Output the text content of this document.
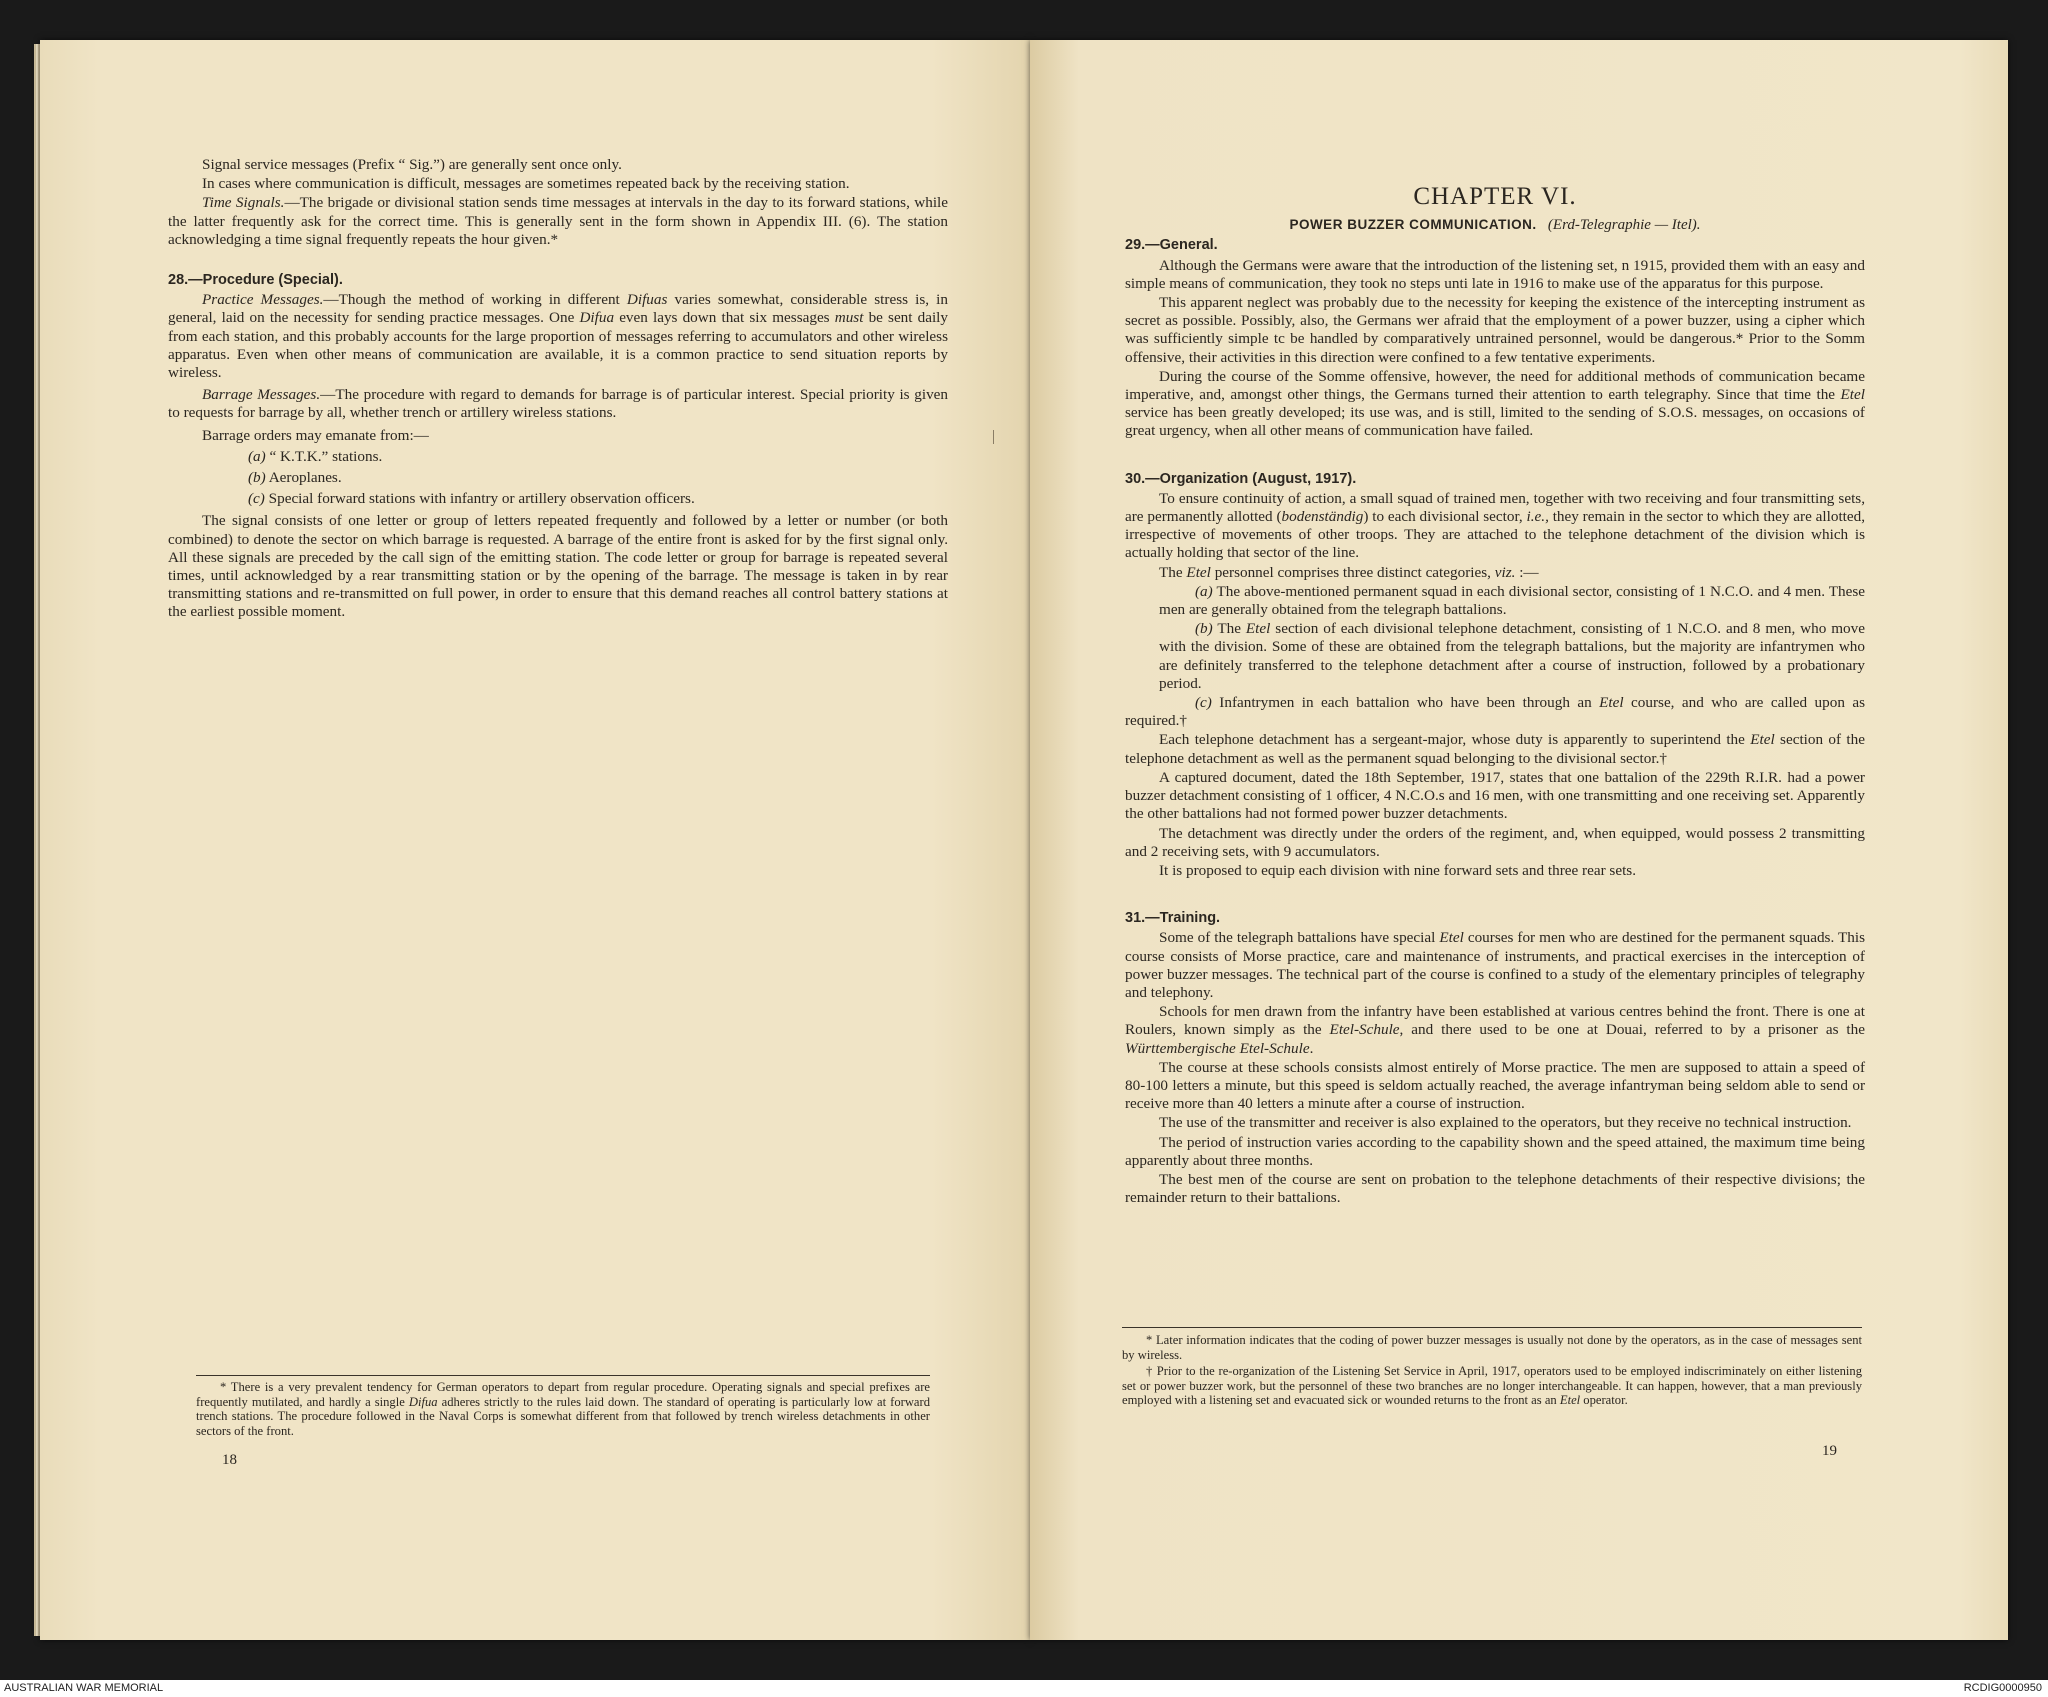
Signal service messages (Prefix “ Sig.”) are generally sent once only.

In cases where communication is difficult, messages are sometimes repeated back by the receiving station.

Time Signals.—The brigade or divisional station sends time messages at intervals in the day to its forward stations, while the latter frequently ask for the correct time. This is generally sent in the form shown in Appendix III. (6). The station acknowledging a time signal frequently repeats the hour given.*

28.—Procedure (Special).

Practice Messages.—Though the method of working in different Difuas varies somewhat, considerable stress is, in general, laid on the necessity for sending practice messages. One Difua even lays down that six messages must be sent daily from each station, and this probably accounts for the large proportion of messages referring to accumulators and other wireless apparatus. Even when other means of communication are available, it is a common practice to send situation reports by wireless.

Barrage Messages.—The procedure with regard to demands for barrage is of particular interest. Special priority is given to requests for barrage by all, whether trench or artillery wireless stations.

Barrage orders may emanate from:—

(a) “ K.T.K.” stations.

(b) Aeroplanes.

(c) Special forward stations with infantry or artillery observation officers.

The signal consists of one letter or group of letters repeated frequently and followed by a letter or number (or both combined) to denote the sector on which barrage is requested. A barrage of the entire front is asked for by the first signal only. All these signals are preceded by the call sign of the emitting station. The code letter or group for barrage is repeated several times, until acknowledged by a rear transmitting station or by the opening of the barrage. The message is taken in by rear transmitting stations and re-transmitted on full power, in order to ensure that this demand reaches all control battery stations at the earliest possible moment.

* There is a very prevalent tendency for German operators to depart from regular procedure. Operating signals and special prefixes are frequently mutilated, and hardly a single Difua adheres strictly to the rules laid down. The standard of operating is particularly low at forward trench stations. The procedure followed in the Naval Corps is somewhat different from that followed by trench wireless detachments in other sectors of the front.

18
CHAPTER VI.
POWER BUZZER COMMUNICATION. (Erd-Telegraphie — Itel).
29.—General.

Although the Germans were aware that the introduction of the listening set, n 1915, provided them with an easy and simple means of communication, they took no steps unti late in 1916 to make use of the apparatus for this purpose.

This apparent neglect was probably due to the necessity for keeping the existence of the intercepting instrument as secret as possible. Possibly, also, the Germans wer afraid that the employment of a power buzzer, using a cipher which was sufficiently simple tc be handled by comparatively untrained personnel, would be dangerous.* Prior to the Somm offensive, their activities in this direction were confined to a few tentative experiments.

During the course of the Somme offensive, however, the need for additional methods of communication became imperative, and, amongst other things, the Germans turned their attention to earth telegraphy. Since that time the Etel service has been greatly developed; its use was, and is still, limited to the sending of S.O.S. messages, on occasions of great urgency, when all other means of communication have failed.

30.—Organization (August, 1917).

To ensure continuity of action, a small squad of trained men, together with two receiving and four transmitting sets, are permanently allotted (bodenständig) to each divisional sector, i.e., they remain in the sector to which they are allotted, irrespective of movements of other troops. They are attached to the telephone detachment of the division which is actually holding that sector of the line.

The Etel personnel comprises three distinct categories, viz. :—

(a) The above-mentioned permanent squad in each divisional sector, consisting of 1 N.C.O. and 4 men. These men are generally obtained from the telegraph battalions.

(b) The Etel section of each divisional telephone detachment, consisting of 1 N.C.O. and 8 men, who move with the division. Some of these are obtained from the telegraph battalions, but the majority are infantrymen who are definitely transferred to the telephone detachment after a course of instruction, followed by a probationary period.

(c) Infantrymen in each battalion who have been through an Etel course, and who are called upon as required.†

Each telephone detachment has a sergeant-major, whose duty is apparently to superintend the Etel section of the telephone detachment as well as the permanent squad belonging to the divisional sector.†

A captured document, dated the 18th September, 1917, states that one battalion of the 229th R.I.R. had a power buzzer detachment consisting of 1 officer, 4 N.C.O.s and 16 men, with one transmitting and one receiving set. Apparently the other battalions had not formed power buzzer detachments.

The detachment was directly under the orders of the regiment, and, when equipped, would possess 2 transmitting and 2 receiving sets, with 9 accumulators.

It is proposed to equip each division with nine forward sets and three rear sets.

31.—Training.

Some of the telegraph battalions have special Etel courses for men who are destined for the permanent squads. This course consists of Morse practice, care and maintenance of instruments, and practical exercises in the interception of power buzzer messages. The technical part of the course is confined to a study of the elementary principles of telegraphy and telephony.

Schools for men drawn from the infantry have been established at various centres behind the front. There is one at Roulers, known simply as the Etel-Schule, and there used to be one at Douai, referred to by a prisoner as the Württembergische Etel-Schule.

The course at these schools consists almost entirely of Morse practice. The men are supposed to attain a speed of 80-100 letters a minute, but this speed is seldom actually reached, the average infantryman being seldom able to send or receive more than 40 letters a minute after a course of instruction.

The use of the transmitter and receiver is also explained to the operators, but they receive no technical instruction.

The period of instruction varies according to the capability shown and the speed attained, the maximum time being apparently about three months.

The best men of the course are sent on probation to the telephone detachments of their respective divisions; the remainder return to their battalions.

* Later information indicates that the coding of power buzzer messages is usually not done by the operators, as in the case of messages sent by wireless.

† Prior to the re-organization of the Listening Set Service in April, 1917, operators used to be employed indiscriminately on either listening set or power buzzer work, but the personnel of these two branches are no longer interchangeable. It can happen, however, that a man previously employed with a listening set and evacuated sick or wounded returns to the front as an Etel operator.

19
AUSTRALIAN WAR MEMORIAL	RCDIG0000950
